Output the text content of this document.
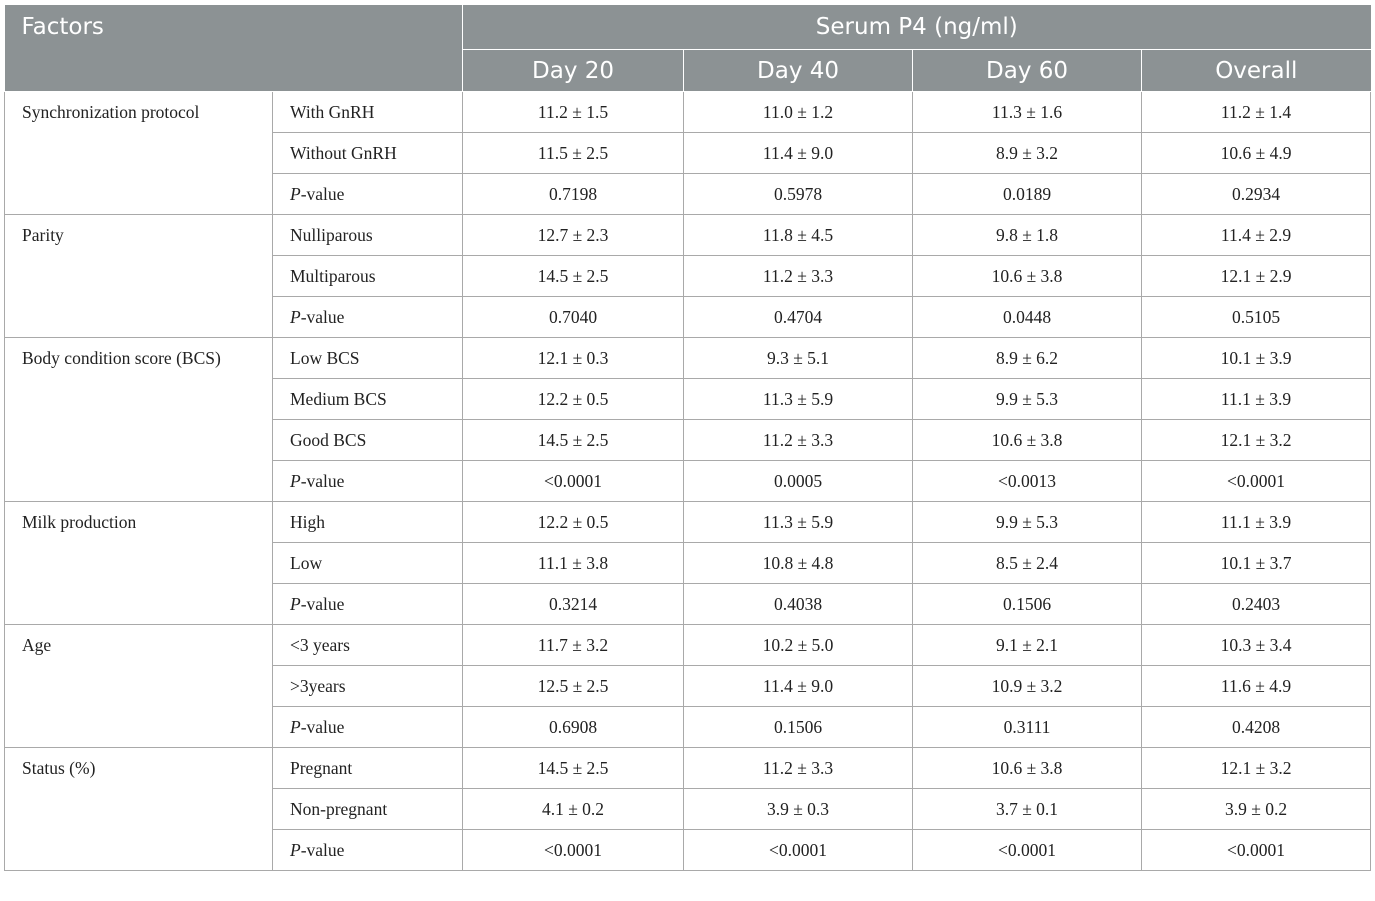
Factors		Serum P4 (ng/ml)			
		Day 20	Day 40	Day 60	Overall
Synchronization protocol	With GnRH	11.2 ± 1.5	11.0 ± 1.2	11.3 ± 1.6	11.2 ± 1.4
	Without GnRH	11.5 ± 2.5	11.4 ± 9.0	8.9 ± 3.2	10.6 ± 4.9
	P-value	0.7198	0.5978	0.0189	0.2934
Parity	Nulliparous	12.7 ± 2.3	11.8 ± 4.5	9.8 ± 1.8	11.4 ± 2.9
	Multiparous	14.5 ± 2.5	11.2 ± 3.3	10.6 ± 3.8	12.1 ± 2.9
	P-value	0.7040	0.4704	0.0448	0.5105
Body condition score (BCS)	Low BCS	12.1 ± 0.3	9.3 ± 5.1	8.9 ± 6.2	10.1 ± 3.9
	Medium BCS	12.2 ± 0.5	11.3 ± 5.9	9.9 ± 5.3	11.1 ± 3.9
	Good BCS	14.5 ± 2.5	11.2 ± 3.3	10.6 ± 3.8	12.1 ± 3.2
	P-value	<0.0001	0.0005	<0.0013	<0.0001
Milk production	High	12.2 ± 0.5	11.3 ± 5.9	9.9 ± 5.3	11.1 ± 3.9
	Low	11.1 ± 3.8	10.8 ± 4.8	8.5 ± 2.4	10.1 ± 3.7
	P-value	0.3214	0.4038	0.1506	0.2403
Age	<3 years	11.7 ± 3.2	10.2 ± 5.0	9.1 ± 2.1	10.3 ± 3.4
	>3years	12.5 ± 2.5	11.4 ± 9.0	10.9 ± 3.2	11.6 ± 4.9
	P-value	0.6908	0.1506	0.3111	0.4208
Status (%)	Pregnant	14.5 ± 2.5	11.2 ± 3.3	10.6 ± 3.8	12.1 ± 3.2
	Non-pregnant	4.1 ± 0.2	3.9 ± 0.3	3.7 ± 0.1	3.9 ± 0.2
	P-value	<0.0001	<0.0001	<0.0001	<0.0001
